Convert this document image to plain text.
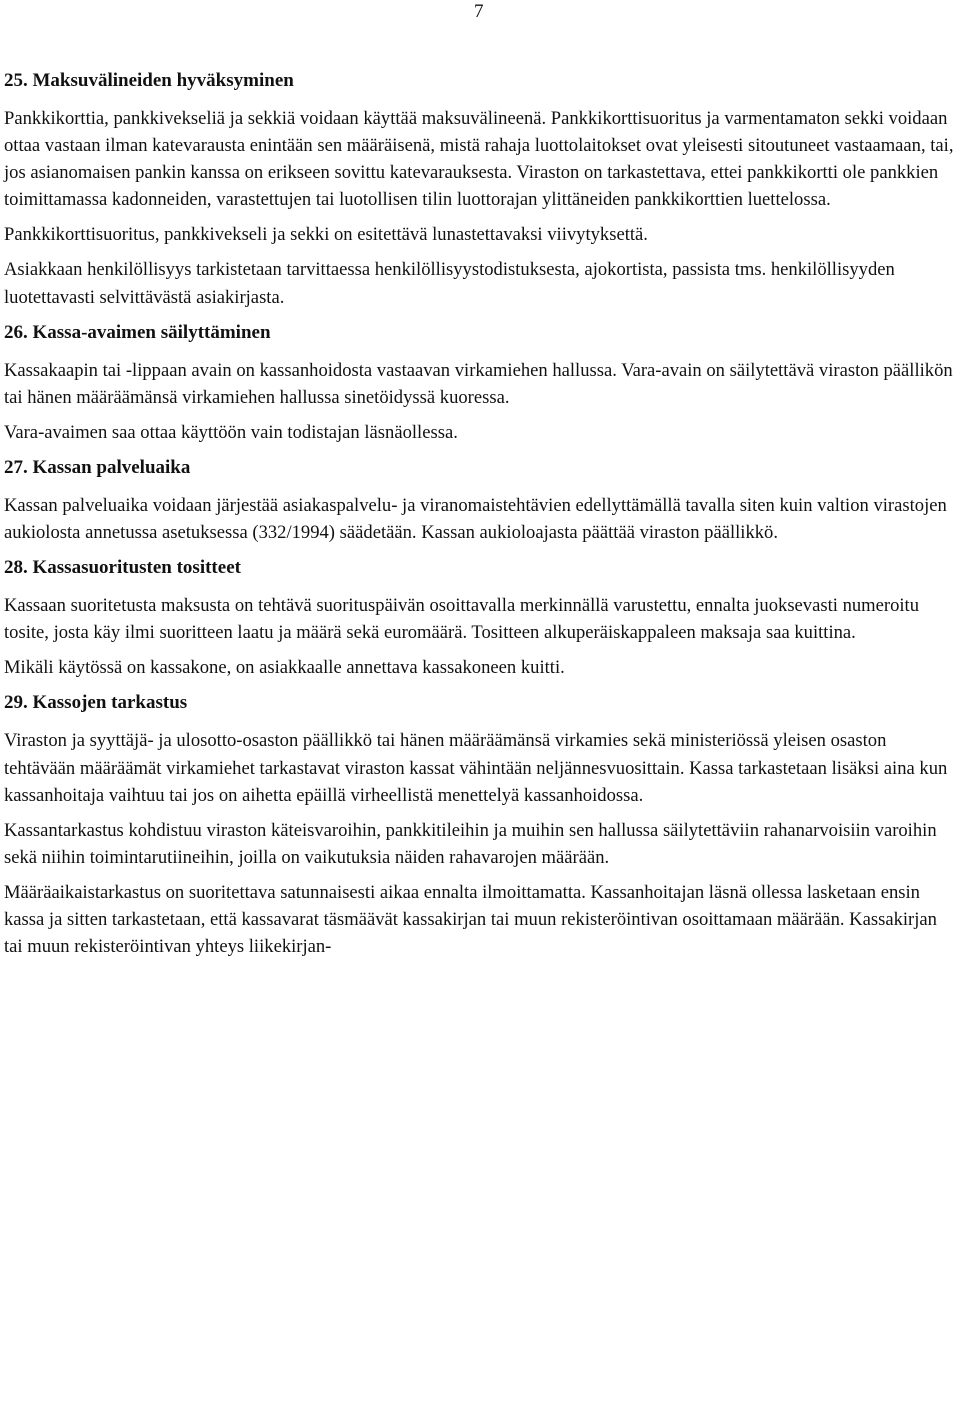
7
25. Maksuvälineiden hyväksyminen

Pankkikorttia, pankkivekseliä ja sekkiä voidaan käyttää maksuvälineenä. Pankkikorttisuoritus ja varmentamaton sekki voidaan ottaa vastaan ilman katevarausta enintään sen määräisenä, mistä rahaja luottolaitokset ovat yleisesti sitoutuneet vastaamaan, tai, jos asianomaisen pankin kanssa on erikseen sovittu katevarauksesta. Viraston on tarkastettava, ettei pankkikortti ole pankkien toimittamassa kadonneiden, varastettujen tai luotollisen tilin luottorajan ylittäneiden pankkikorttien luettelossa.

Pankkikorttisuoritus, pankkivekseli ja sekki on esitettävä lunastettavaksi viivytyksettä.

Asiakkaan henkilöllisyys tarkistetaan tarvittaessa henkilöllisyystodistuksesta, ajokortista, passista tms. henkilöllisyyden luotettavasti selvittävästä asiakirjasta.

26. Kassa-avaimen säilyttäminen

Kassakaapin tai -lippaan avain on kassanhoidosta vastaavan virkamiehen hallussa. Vara-avain on säilytettävä viraston päällikön tai hänen määräämänsä virkamiehen hallussa sinetöidyssä kuoressa.

Vara-avaimen saa ottaa käyttöön vain todistajan läsnäollessa.

27. Kassan palveluaika

Kassan palveluaika voidaan järjestää asiakaspalvelu- ja viranomaistehtävien edellyttämällä tavalla siten kuin valtion virastojen aukiolosta annetussa asetuksessa (332/1994) säädetään. Kassan aukioloajasta päättää viraston päällikkö.

28. Kassasuoritusten tositteet

Kassaan suoritetusta maksusta on tehtävä suorituspäivän osoittavalla merkinnällä varustettu, ennalta juoksevasti numeroitu tosite, josta käy ilmi suoritteen laatu ja määrä sekä euromäärä. Tositteen alkuperäiskappaleen maksaja saa kuittina.

Mikäli käytössä on kassakone, on asiakkaalle annettava kassakoneen kuitti.

29. Kassojen tarkastus

Viraston ja syyttäjä- ja ulosotto-osaston päällikkö tai hänen määräämänsä virkamies sekä ministeriössä yleisen osaston tehtävään määräämät virkamiehet tarkastavat viraston kassat vähintään neljännesvuosittain. Kassa tarkastetaan lisäksi aina kun kassanhoitaja vaihtuu tai jos on aihetta epäillä virheellistä menettelyä kassanhoidossa.

Kassantarkastus kohdistuu viraston käteisvaroihin, pankkitileihin ja muihin sen hallussa säilytettäviin rahanarvoisiin varoihin sekä niihin toimintarutiineihin, joilla on vaikutuksia näiden rahavarojen määrään.

Määräaikaistarkastus on suoritettava satunnaisesti aikaa ennalta ilmoittamatta. Kassanhoitajan läsnä ollessa lasketaan ensin kassa ja sitten tarkastetaan, että kassavarat täsmäävät kassakirjan tai muun rekisteröintivan osoittamaan määrään. Kassakirjan tai muun rekisteröintivan yhteys liikekirjan-
